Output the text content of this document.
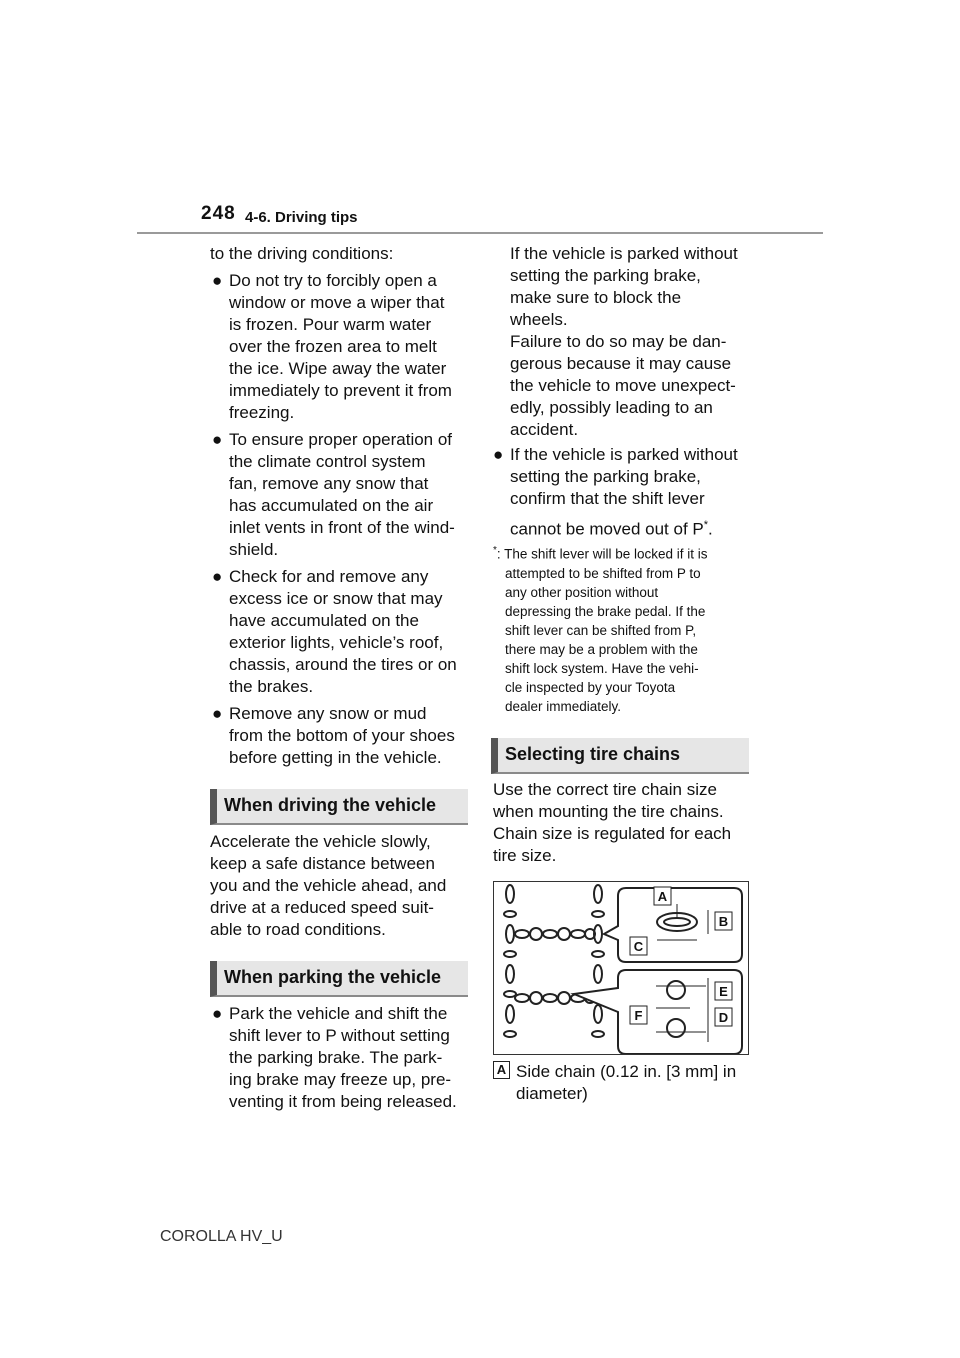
248 4-6. Driving tips
to the driving conditions:
● Do not try to forcibly open a
window or move a wiper that
is frozen. Pour warm water
over the frozen area to melt
the ice. Wipe away the water
immediately to prevent it from
freezing.
● To ensure proper operation of
the climate control system
fan, remove any snow that
has accumulated on the air
inlet vents in front of the wind-
shield.
● Check for and remove any
excess ice or snow that may
have accumulated on the
exterior lights, vehicle’s roof,
chassis, around the tires or on
the brakes.
● Remove any snow or mud
from the bottom of your shoes
before getting in the vehicle.
When driving the vehicle
Accelerate the vehicle slowly,
keep a safe distance between
you and the vehicle ahead, and
drive at a reduced speed suit-
able to road conditions.
When parking the vehicle
● Park the vehicle and shift the
shift lever to P without setting
the parking brake. The park-
ing brake may freeze up, pre-
venting it from being released.
If the vehicle is parked without
setting the parking brake,
make sure to block the
wheels.
Failure to do so may be dan-
gerous because it may cause
the vehicle to move unexpect-
edly, possibly leading to an
accident.
● If the vehicle is parked without
setting the parking brake,
confirm that the shift lever
cannot be moved out of P*.
*: The shift lever will be locked if it is
attempted to be shifted from P to
any other position without
depressing the brake pedal. If the
shift lever can be shifted from P,
there may be a problem with the
shift lock system. Have the vehi-
cle inspected by your Toyota
dealer immediately.
Selecting tire chains
Use the correct tire chain size
when mounting the tire chains.
Chain size is regulated for each
tire size.
A
B
C
E
F	D
A Side chain (0.12 in. [3 mm] in
diameter)
COROLLA HV_U
